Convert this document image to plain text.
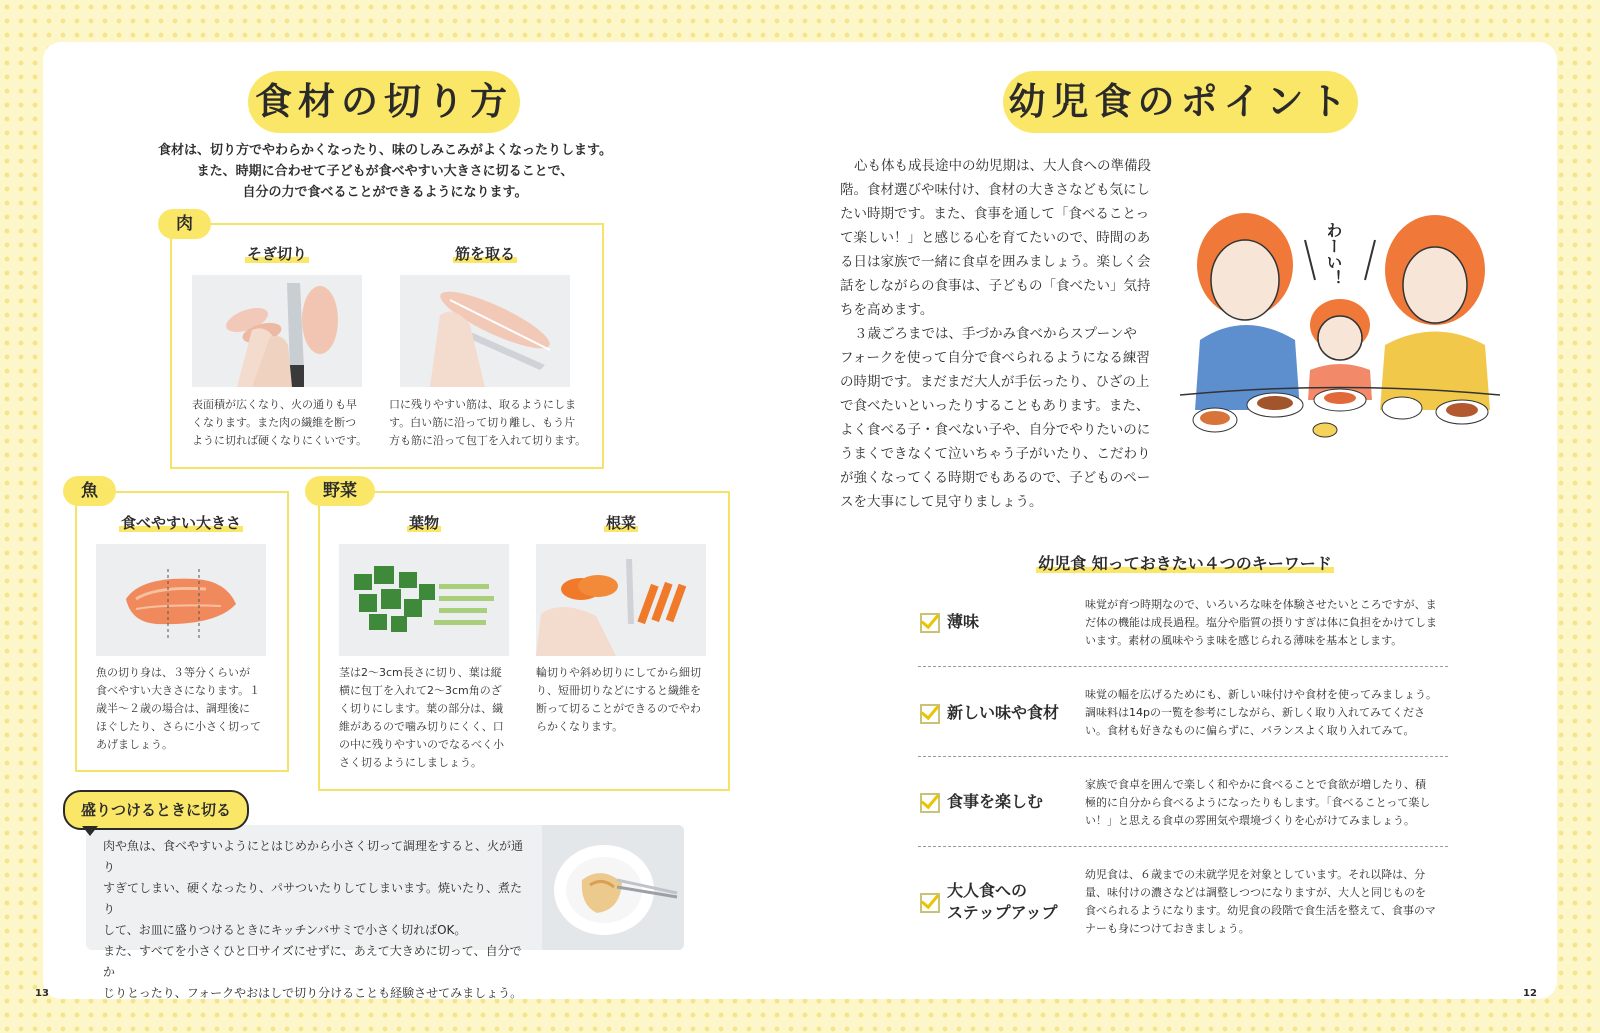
食材の切り方
食材は、切り方でやわらかくなったり、味のしみこみがよくなったりします。
また、時期に合わせて子どもが食べやすい大きさに切ることで、
自分の力で食べることができるようになります。
肉
そぎ切り	筋を取る
表面積が広くなり、火の通りも早
くなります。また肉の繊維を断つ
ように切れば硬くなりにくいです。
口に残りやすい筋は、取るようにしま
す。白い筋に沿って切り離し、もう片
方も筋に沿って包丁を入れて切ります。
魚
食べやすい大きさ
魚の切り身は、３等分くらいが
食べやすい大きさになります。１
歳半～２歳の場合は、調理後に
ほぐしたり、さらに小さく切って
あげましょう。
野菜
葉物	根菜
茎は2～3cm長さに切り、葉は縦
横に包丁を入れて2～3cm角のざ
く切りにします。葉の部分は、繊
維があるので噛み切りにくく、口
の中に残りやすいのでなるべく小
さく切るようにしましょう。
輪切りや斜め切りにしてから細切
り、短冊切りなどにすると繊維を
断って切ることができるのでやわ
らかくなります。
盛りつけるときに切る
肉や魚は、食べやすいようにとはじめから小さく切って調理をすると、火が通り
すぎてしまい、硬くなったり、パサついたりしてしまいます。焼いたり、煮たり
して、お皿に盛りつけるときにキッチンバサミで小さく切ればOK。
また、すべてを小さくひと口サイズにせずに、あえて大きめに切って、自分でか
じりとったり、フォークやおはしで切り分けることも経験させてみましょう。
幼児食のポイント
心も体も成長途中の幼児期は、大人食への準備段
階。食材選びや味付け、食材の大きさなども気にし
たい時期です。また、食事を通して「食べることっ
て楽しい！」と感じる心を育てたいので、時間のあ
る日は家族で一緒に食卓を囲みましょう。楽しく会
話をしながらの食事は、子どもの「食べたい」気持
ちを高めます。
３歳ごろまでは、手づかみ食べからスプーンや
フォークを使って自分で食べられるようになる練習
の時期です。まだまだ大人が手伝ったり、ひざの上
で食べたいといったりすることもあります。また、
よく食べる子・食べない子や、自分でやりたいのに
うまくできなくて泣いちゃう子がいたり、こだわり
が強くなってくる時期でもあるので、子どものペー
スを大事にして見守りましょう。
わーい！
幼児食 知っておきたい４つのキーワード
薄味
味覚が育つ時期なので、いろいろな味を体験させたいところですが、ま
だ体の機能は成長過程。塩分や脂質の摂りすぎは体に負担をかけてしま
います。素材の風味やうま味を感じられる薄味を基本とします。
新しい味や食材
味覚の幅を広げるためにも、新しい味付けや食材を使ってみましょう。
調味料は14pの一覧を参考にしながら、新しく取り入れてみてくださ
い。食材も好きなものに偏らずに、バランスよく取り入れてみて。
食事を楽しむ
家族で食卓を囲んで楽しく和やかに食べることで食欲が増したり、積
極的に自分から食べるようになったりもします。「食べることって楽し
い！」と思える食卓の雰囲気や環境づくりを心がけてみましょう。
大人食への
ステップアップ
幼児食は、６歳までの未就学児を対象としています。それ以降は、分
量、味付けの濃さなどは調整しつつになりますが、大人と同じものを
食べられるようになります。幼児食の段階で食生活を整えて、食事のマ
ナーも身につけておきましょう。
13	12
